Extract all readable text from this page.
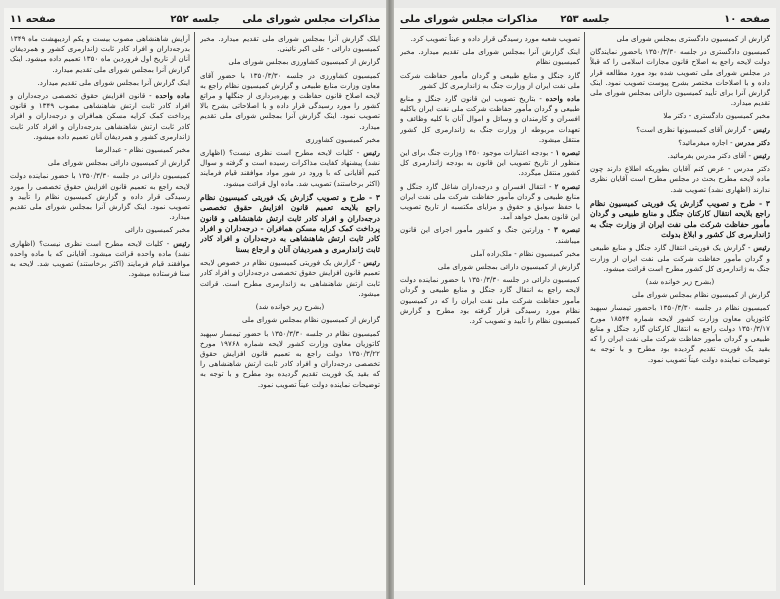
مذاکرات مجلس شورای ملی
جلسه ۲۵۲
صفحه ۱۱

ایلک گزارش آنرا بمجلس شورای ملی تقدیم میدارد. مخبر کمیسیون دارائی - علی اکبر نائینی.

گزارش از کمیسیون کشاورزی بمجلس شورای ملی

کمیسیون کشاورزی در جلسه ۱۳۵۰/۳/۳۰ با حضور آقای معاون وزارت منابع طبیعی و گزارش کمیسیون نظام راجع به لایحه اصلاح قانون حفاظت و بهره‌برداری از جنگلها و مراتع کشور را مورد رسیدگی قرار داده و با اصلاحاتی بشرح بالا تصویب نمود. اینک گزارش آنرا بمجلس شورای ملی تقدیم میدارد.

مخبر کمیسیون کشاورزی

رئیس - کلیات لایحه مطرح است نظری نیست؟ (اظهاری نشد) پیشنهاد کفایت مذاکرات رسیده است و گرفته و سوال کنیم آقایانی که با ورود در شور مواد موافقند قیام فرمایند (اکثر برخاستند) تصویب شد. ماده اول قرائت میشود.

۳ - طرح و تصویب گزارش یک فوریتی کمیسیون نظام راجع بلایحه تعمیم قانون افزایش حقوق تخصصی درجه‌داران و افراد کادر ثابت ارتش شاهنشاهی و قانون پرداخت کمک کرایه مسکن همافران - درجه‌داران و افراد کادر ثابت ارتش شاهنشاهی به درجه‌داران و افراد کادر ثابت ژاندارمری و همردیفان آنان و ارجاع بسنا

رئیس - گزارش یک فوریتی کمیسیون نظام در خصوص لایحه تعمیم قانون افزایش حقوق تخصصی درجه‌داران و افراد کادر ثابت ارتش شاهنشاهی به ژاندارمری مطرح است. قرائت میشود.

(بشرح زیر خوانده شد)

گزارش از کمیسیون نظام بمجلس شورای ملی

کمیسیون نظام در جلسه ۱۳۵۰/۳/۳۰ با حضور تیمسار سپهبد کاتوزیان معاون وزارت کشور لایحه شماره ۱۹۷۶۸ مورخ ۱۳۵۰/۳/۲۲ دولت راجع به تعمیم قانون افزایش حقوق تخصصی درجه‌داران و افراد کادر ثابت ارتش شاهنشاهی را که بقید یک فوریت تقدیم گردیده بود مطرح و با توجه به توضیحات نماینده دولت عیناً تصویب نمود.

آرایش شاهنشاهی مصوب بیست و یکم اردیبهشت ماه ۱۳۴۹ بدرجه‌داران و افراد کادر ثابت ژاندارمری کشور و همردیفان آنان از تاریخ اول فروردین ماه ۱۳۵۰ تعمیم داده میشود. اینک گزارش آنرا بمجلس شورای ملی تقدیم میدارد.

اینک گزارش آنرا بمجلس شورای ملی تقدیم میدارد.

ماده واحده - قانون افزایش حقوق تخصصی درجه‌داران و افراد کادر ثابت ارتش شاهنشاهی مصوب ۱۳۴۹ و قانون پرداخت کمک کرایه مسکن همافران و درجه‌داران و افراد کادر ثابت ارتش شاهنشاهی بدرجه‌داران و افراد کادر ثابت ژاندارمری کشور و همردیفان آنان تعمیم داده میشود.

مخبر کمیسیون نظام - عبدالرضا

گزارش از کمیسیون دارائی بمجلس شورای ملی

کمیسیون دارائی در جلسه ۱۳۵۰/۳/۳۰ با حضور نماینده دولت لایحه راجع به تعمیم قانون افزایش حقوق تخصصی را مورد رسیدگی قرار داده و گزارش کمیسیون نظام را تأیید و تصویب نمود. اینک گزارش آنرا بمجلس شورای ملی تقدیم میدارد.

مخبر کمیسیون دارائی

رئیس - کلیات لایحه مطرح است نظری نیست؟ (اظهاری نشد) ماده واحده قرائت میشود. آقایانی که با ماده واحده موافقند قیام فرمایند (اکثر برخاستند) تصویب شد. لایحه به سنا فرستاده میشود.

صفحه ۱۰
جلسه ۲۵۳
مذاکرات مجلس شورای ملی

گزارش از کمیسیون دادگستری بمجلس شورای ملی

کمیسیون دادگستری در جلسه ۱۳۵۰/۳/۳۰ باحضور نمایندگان دولت لایحه راجع به اصلاح قانون مجازات اسلامی را که قبلاً در مجلس شورای ملی تصویب شده بود مورد مطالعه قرار داده و با اصلاحات مختصر بشرح پیوست تصویب نمود. اینک گزارش آنرا برای تأیید کمیسیون دارائی بمجلس شورای ملی تقدیم میدارد.

مخبر کمیسیون دادگستری - دکتر ملا

رئیس - گزارش آقای کمیسیونها نظری است؟

دکتر مدرس - اجازه میفرمائید؟

رئیس - آقای دکتر مدرس بفرمائید.

دکتر مدرس - عرض کنم آقایان بطوریکه اطلاع دارند چون ماده لایحه مطرح بحث در مجلس مطرح است آقایان نظری ندارند (اظهاری نشد) تصویب شد.

۳ - طرح و تصویب گزارش یک فوریتی کمیسیون نظام راجع بلایحه انتقال کارکنان جنگل و منابع طبیعی و گردان مأمور حفاظت شرکت ملی نفت ایران از وزارت جنگ به ژاندارمری کل کشور و ابلاغ بدولت

رئیس - گزارش یک فوریتی انتقال گارد جنگل و منابع طبیعی و گردان مأمور حفاظت شرکت ملی نفت ایران از وزارت جنگ به ژاندارمری کل کشور مطرح است قرائت میشود.

(بشرح زیر خوانده شد)

گزارش از کمیسیون نظام بمجلس شورای ملی

کمیسیون نظام در جلسه ۱۳۵۰/۳/۳۰ باحضور تیمسار سپهبد کاتوزیان معاون وزارت کشور لایحه شماره ۱۸۵۴۴ مورخ ۱۳۵۰/۳/۱۷ دولت راجع به انتقال کارکنان گارد جنگل و منابع طبیعی و گردان مأمور حفاظت شرکت ملی نفت ایران را که بقید یک فوریت تقدیم گردیده بود مطرح و با توجه به توضیحات نماینده دولت عیناً تصویب نمود.

تصویب شعبه مورد رسیدگی قرار داده و عیناً تصویب کرد.

اینک گزارش آنرا بمجلس شورای ملی تقدیم میدارد. مخبر کمیسیون نظام

گارد جنگل و منابع طبیعی و گردان مأمور حفاظت شرکت ملی نفت ایران از وزارت جنگ به ژاندارمری کل کشور

ماده واحده - بتاریخ تصویب این قانون گارد جنگل و منابع طبیعی و گردان مأمور حفاظت شرکت ملی نفت ایران باکلیه افسران و کارمندان و وسائل و اموال آنان با کلیه وظائف و تعهدات مربوطه از وزارت جنگ به ژاندارمری کل کشور منتقل میشود.

تبصره ۱ - بودجه اعتبارات موجود ۱۳۵۰ وزارت جنگ برای این منظور از تاریخ تصویب این قانون به بودجه ژاندارمری کل کشور منتقل میگردد.

تبصره ۲ - انتقال افسران و درجه‌داران شاغل گارد جنگل و منابع طبیعی و گردان مأمور حفاظت شرکت ملی نفت ایران با حفظ سوابق و حقوق و مزایای مکتسبه از تاریخ تصویب این قانون بعمل خواهد آمد.

تبصره ۳ - وزارتین جنگ و کشور مأمور اجرای این قانون میباشند.

مخبر کمیسیون نظام - ملک‌زاده آملی

گزارش از کمیسیون دارائی بمجلس شورای ملی

کمیسیون دارائی در جلسه ۱۳۵۰/۳/۳۰ با حضور نماینده دولت لایحه راجع به انتقال گارد جنگل و منابع طبیعی و گردان مأمور حفاظت شرکت ملی نفت ایران را که در کمیسیون نظام مورد رسیدگی قرار گرفته بود مطرح و گزارش کمیسیون نظام را تأیید و تصویب کرد.
